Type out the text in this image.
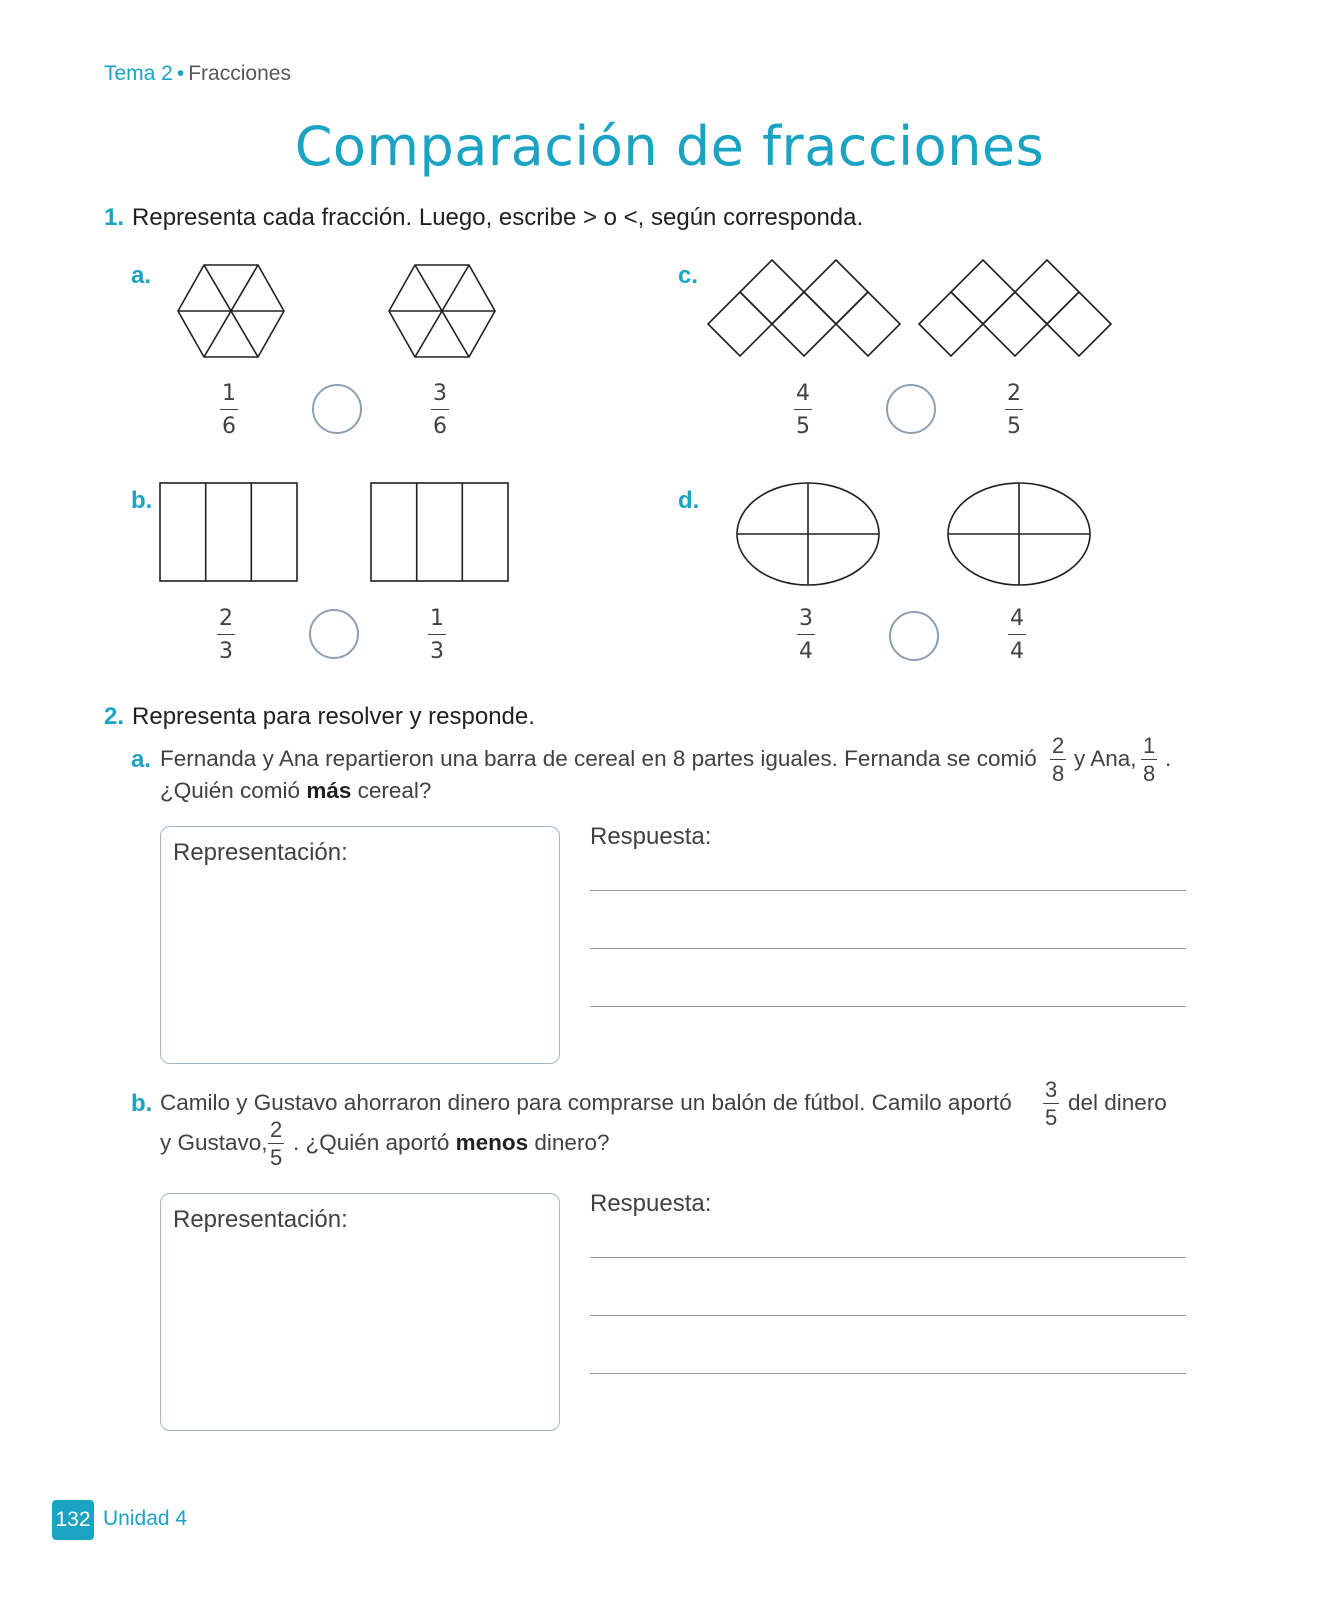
Tema 2 • Fracciones
Comparación de fracciones
1. Representa cada fracción. Luego, escribe > o <, según corresponda.
a.
$\frac{1}{6}$	$\frac{3}{6}$
b.
$\frac{2}{3}$	$\frac{1}{3}$
c.
$\frac{4}{5}$	$\frac{2}{5}$
d.
$\frac{3}{4}$	$\frac{4}{4}$
2. Representa para resolver y responde.
a. Fernanda y Ana repartieron una barra de cereal en 8 partes iguales. Fernanda se comió $\frac{2}{8}$ y Ana, $\frac{1}{8}$ .
¿Quién comió más cereal?
Representación:
Respuesta:
b. Camilo y Gustavo ahorraron dinero para comprarse un balón de fútbol. Camilo aportó $\frac{3}{5}$ del dinero
y Gustavo, $\frac{2}{5}$ . ¿Quién aportó menos dinero?
Representación:
Respuesta:
132 Unidad 4
